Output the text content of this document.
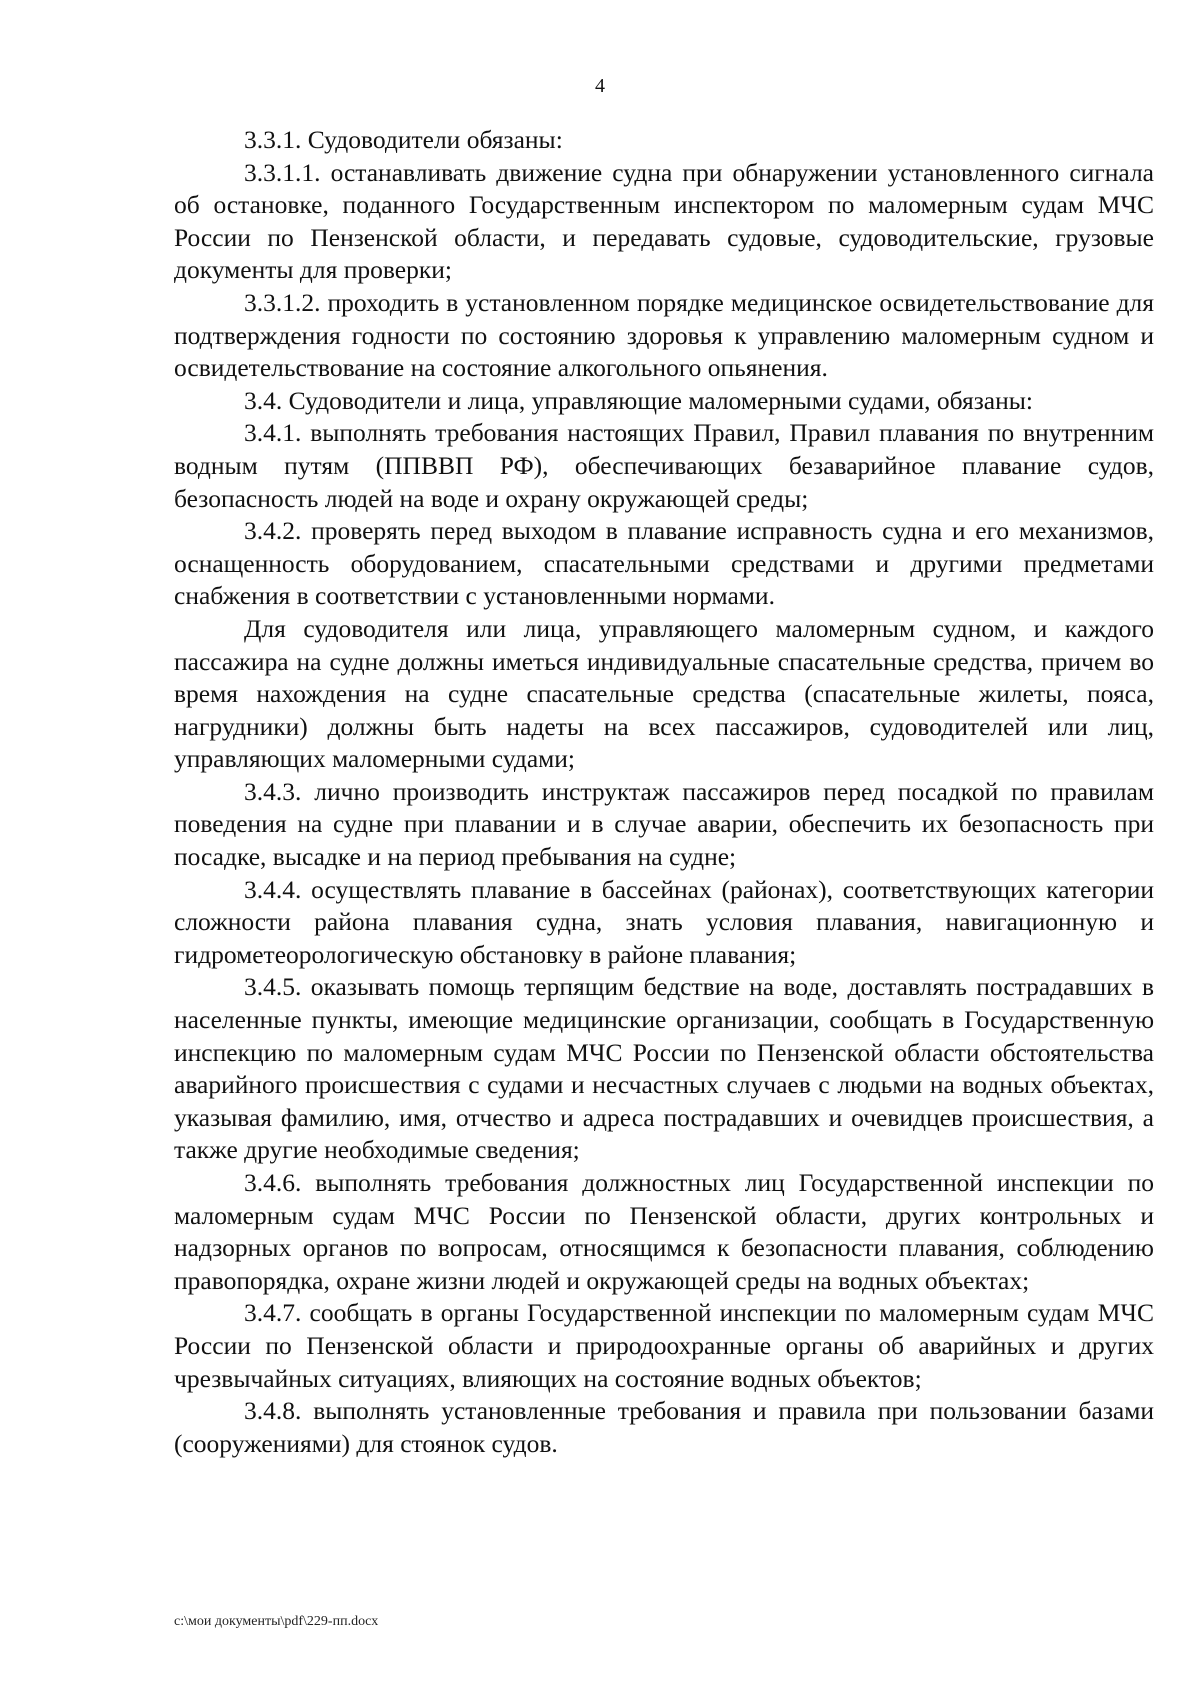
4

3.3.1. Судоводители обязаны:

3.3.1.1. останавливать движение судна при обнаружении установленного сигнала об остановке, поданного Государственным инспектором по маломерным судам МЧС России по Пензенской области, и передавать судовые, судоводительские, грузовые документы для проверки;

3.3.1.2. проходить в установленном порядке медицинское освидетельствование для подтверждения годности по состоянию здоровья к управлению маломерным судном и освидетельствование на состояние алкогольного опьянения.

3.4. Судоводители и лица, управляющие маломерными судами, обязаны:

3.4.1. выполнять требования настоящих Правил, Правил плавания по внутренним водным путям (ППВВП РФ), обеспечивающих безаварийное плавание судов, безопасность людей на воде и охрану окружающей среды;

3.4.2. проверять перед выходом в плавание исправность судна и его механизмов, оснащенность оборудованием, спасательными средствами и другими предметами снабжения в соответствии с установленными нормами.

Для судоводителя или лица, управляющего маломерным судном, и каждого пассажира на судне должны иметься индивидуальные спасательные средства, причем во время нахождения на судне спасательные средства (спасательные жилеты, пояса, нагрудники) должны быть надеты на всех пассажиров, судоводителей или лиц, управляющих маломерными судами;

3.4.3. лично производить инструктаж пассажиров перед посадкой по правилам поведения на судне при плавании и в случае аварии, обеспечить их безопасность при посадке, высадке и на период пребывания на судне;

3.4.4. осуществлять плавание в бассейнах (районах), соответствующих категории сложности района плавания судна, знать условия плавания, навигационную и гидрометеорологическую обстановку в районе плавания;

3.4.5. оказывать помощь терпящим бедствие на воде, доставлять пострадавших в населенные пункты, имеющие медицинские организации, сообщать в Государственную инспекцию по маломерным судам МЧС России по Пензенской области обстоятельства аварийного происшествия с судами и несчастных случаев с людьми на водных объектах, указывая фамилию, имя, отчество и адреса пострадавших и очевидцев происшествия, а также другие необходимые сведения;

3.4.6. выполнять требования должностных лиц Государственной инспекции по маломерным судам МЧС России по Пензенской области, других контрольных и надзорных органов по вопросам, относящимся к безопасности плавания, соблюдению правопорядка, охране жизни людей и окружающей среды на водных объектах;

3.4.7. сообщать в органы Государственной инспекции по маломерным судам МЧС России по Пензенской области и природоохранные органы об аварийных и других чрезвычайных ситуациях, влияющих на состояние водных объектов;

3.4.8. выполнять установленные требования и правила при пользовании базами (сооружениями) для стоянок судов.

c:\мои документы\pdf\229-пп.docx
